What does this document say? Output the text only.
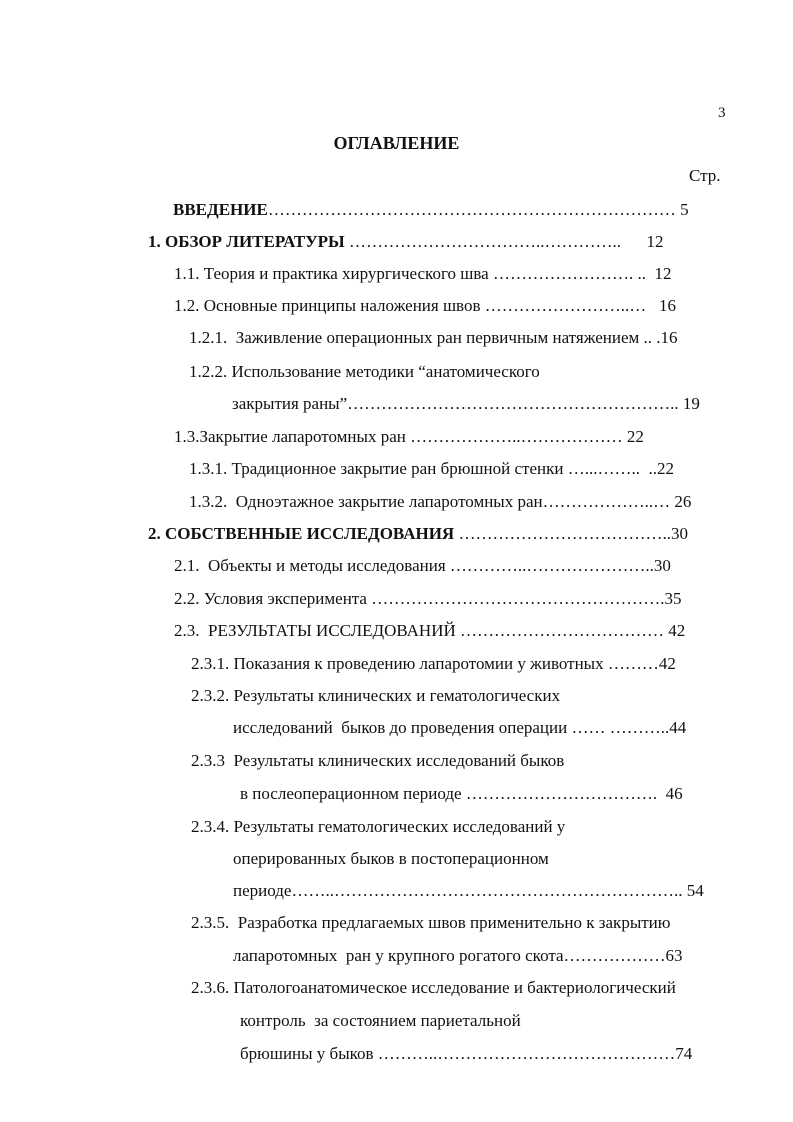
3
ОГЛАВЛЕНИЕ
Стр.
ВВЕДЕНИЕ……………………………………………………………… 5
1. ОБЗОР ЛИТЕРАТУРЫ ……………………………..…………..      12
1.1. Теория и практика хирургического шва ……………………. ..  12
1.2. Основные принципы наложения швов ……………………..…   16
1.2.1.  Заживление операционных ран первичным натяжением .. .16
1.2.2. Использование методики “анатомического
закрытия раны”………………………………………………….. 19
1.3.Закрытие лапаротомных ран ………………..……………… 22
1.3.1. Традиционное закрытие ран брюшной стенки …...……..  ..22
1.3.2.  Одноэтажное закрытие лапаротомных ран………………..… 26
2. СОБСТВЕННЫЕ ИССЛЕДОВАНИЯ ………………………………..30
2.1.  Объекты и методы исследования …………..…………………..30
2.2. Условия эксперимента …………………………………………….35
2.3.  РЕЗУЛЬТАТЫ ИССЛЕДОВАНИЙ ……………………………… 42
2.3.1. Показания к проведению лапаротомии у животных ………42
2.3.2. Результаты клинических и гематологических
исследований  быков до проведения операции …… ………..44
2.3.3  Результаты клинических исследований быков
в послеоперационном периоде …………………………….  46
2.3.4. Результаты гематологических исследований у
оперированных быков в постоперационном
периоде……..…………………………………………………….. 54
2.3.5.  Разработка предлагаемых швов применительно к закрытию
лапаротомных  ран у крупного рогатого скота………………63
2.3.6. Патологоанатомическое исследование и бактериологический
контроль  за состоянием париетальной
брюшины у быков ………..……………………………………74
